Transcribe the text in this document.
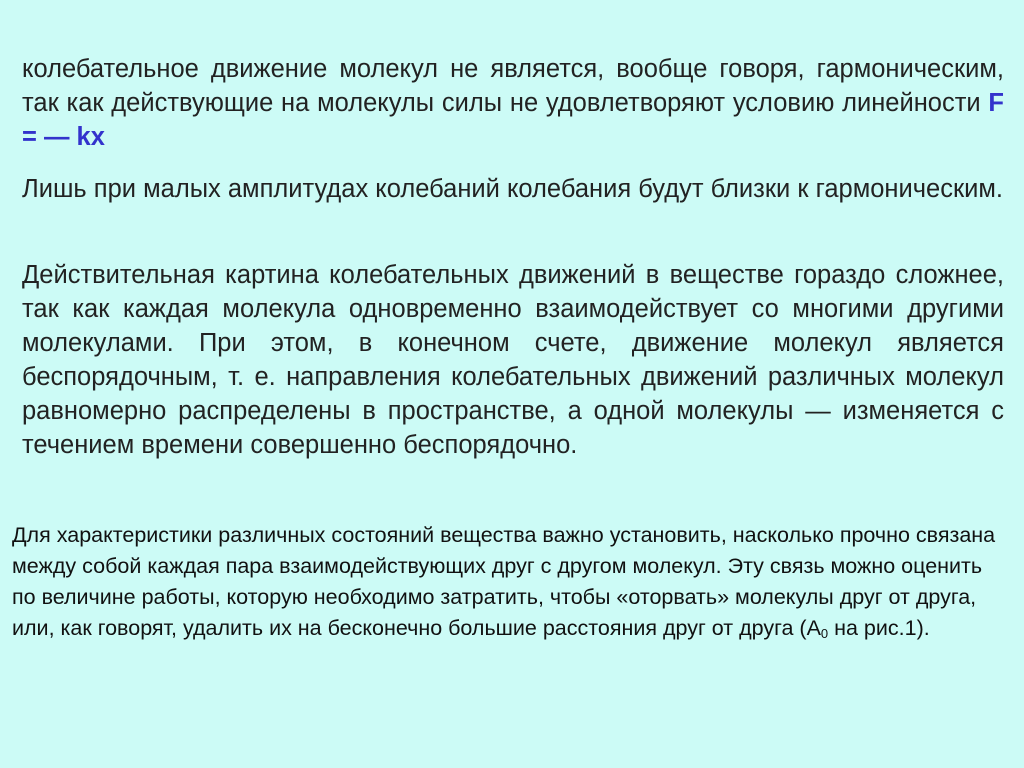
колебательное движение молекул не является, вообще говоря, гармоническим, так как действующие на молекулы силы не удовлетворяют условию линейности F = — kx

Лишь при малых амплитудах колебаний колебания будут близки к гармоническим.

Действительная картина колебательных движений в веществе гораздо сложнее, так как каждая молекула одновременно взаимодействует со многими другими молекулами. При этом, в конечном счете, движение молекул является беспорядочным, т. е. направления колебательных движений различных молекул равномерно распределены в пространстве, а одной молекулы — изменяется с течением времени совершенно беспорядочно.

Для характеристики различных состояний вещества важно установить, насколько прочно связана между собой каждая пара взаимодействующих друг с другом молекул. Эту связь можно оценить по величине работы, которую необходимо затратить, чтобы «оторвать» молекулы друг от друга, или, как говорят, удалить их на бесконечно большие расстояния друг от друга ($А_0$ на рис.1).
